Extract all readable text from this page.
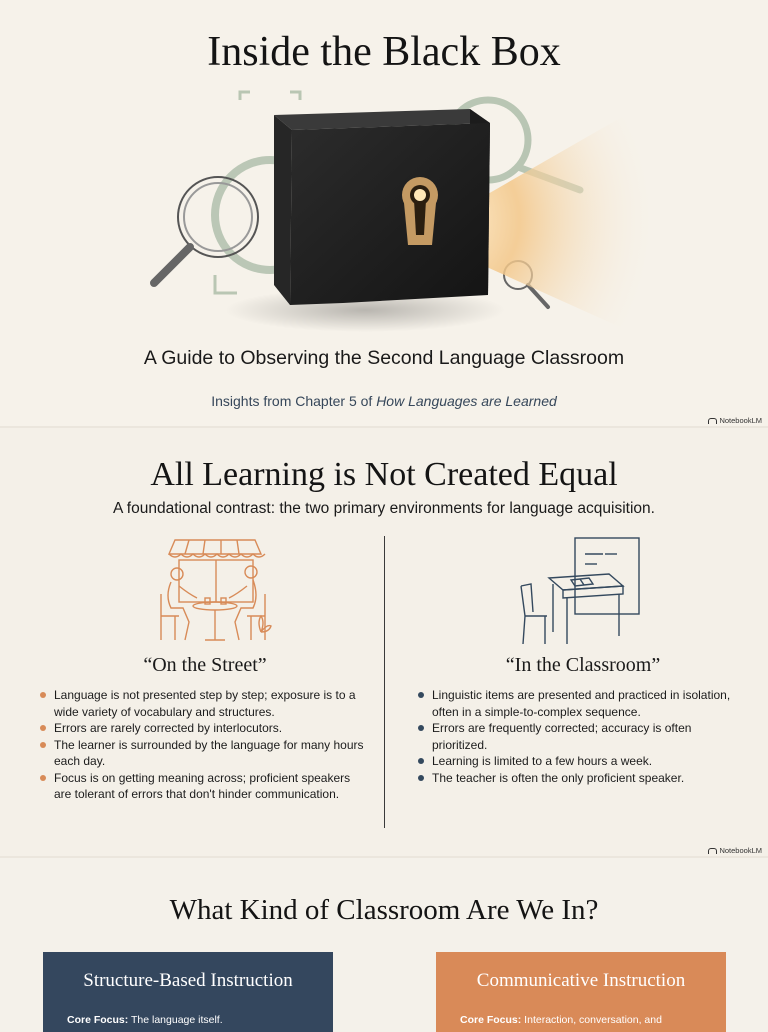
Inside the Black Box
A Guide to Observing the Second Language Classroom
Insights from Chapter 5 of How Languages are Learned
NotebookLM
All Learning is Not Created Equal
A foundational contrast: the two primary environments for language acquisition.
“On the Street”
Language is not presented step by step; exposure is to a wide variety of vocabulary and structures.
Errors are rarely corrected by interlocutors.
The learner is surrounded by the language for many hours each day.
Focus is on getting meaning across; proficient speakers are tolerant of errors that don't hinder communication.
“In the Classroom”
Linguistic items are presented and practiced in isolation, often in a simple-to-complex sequence.
Errors are frequently corrected; accuracy is often prioritized.
Learning is limited to a few hours a week.
The teacher is often the only proficient speaker.
NotebookLM
What Kind of Classroom Are We In?
Structure-Based Instruction
Core Focus: The language itself.
Communicative Instruction
Core Focus: Interaction, conversation, and
